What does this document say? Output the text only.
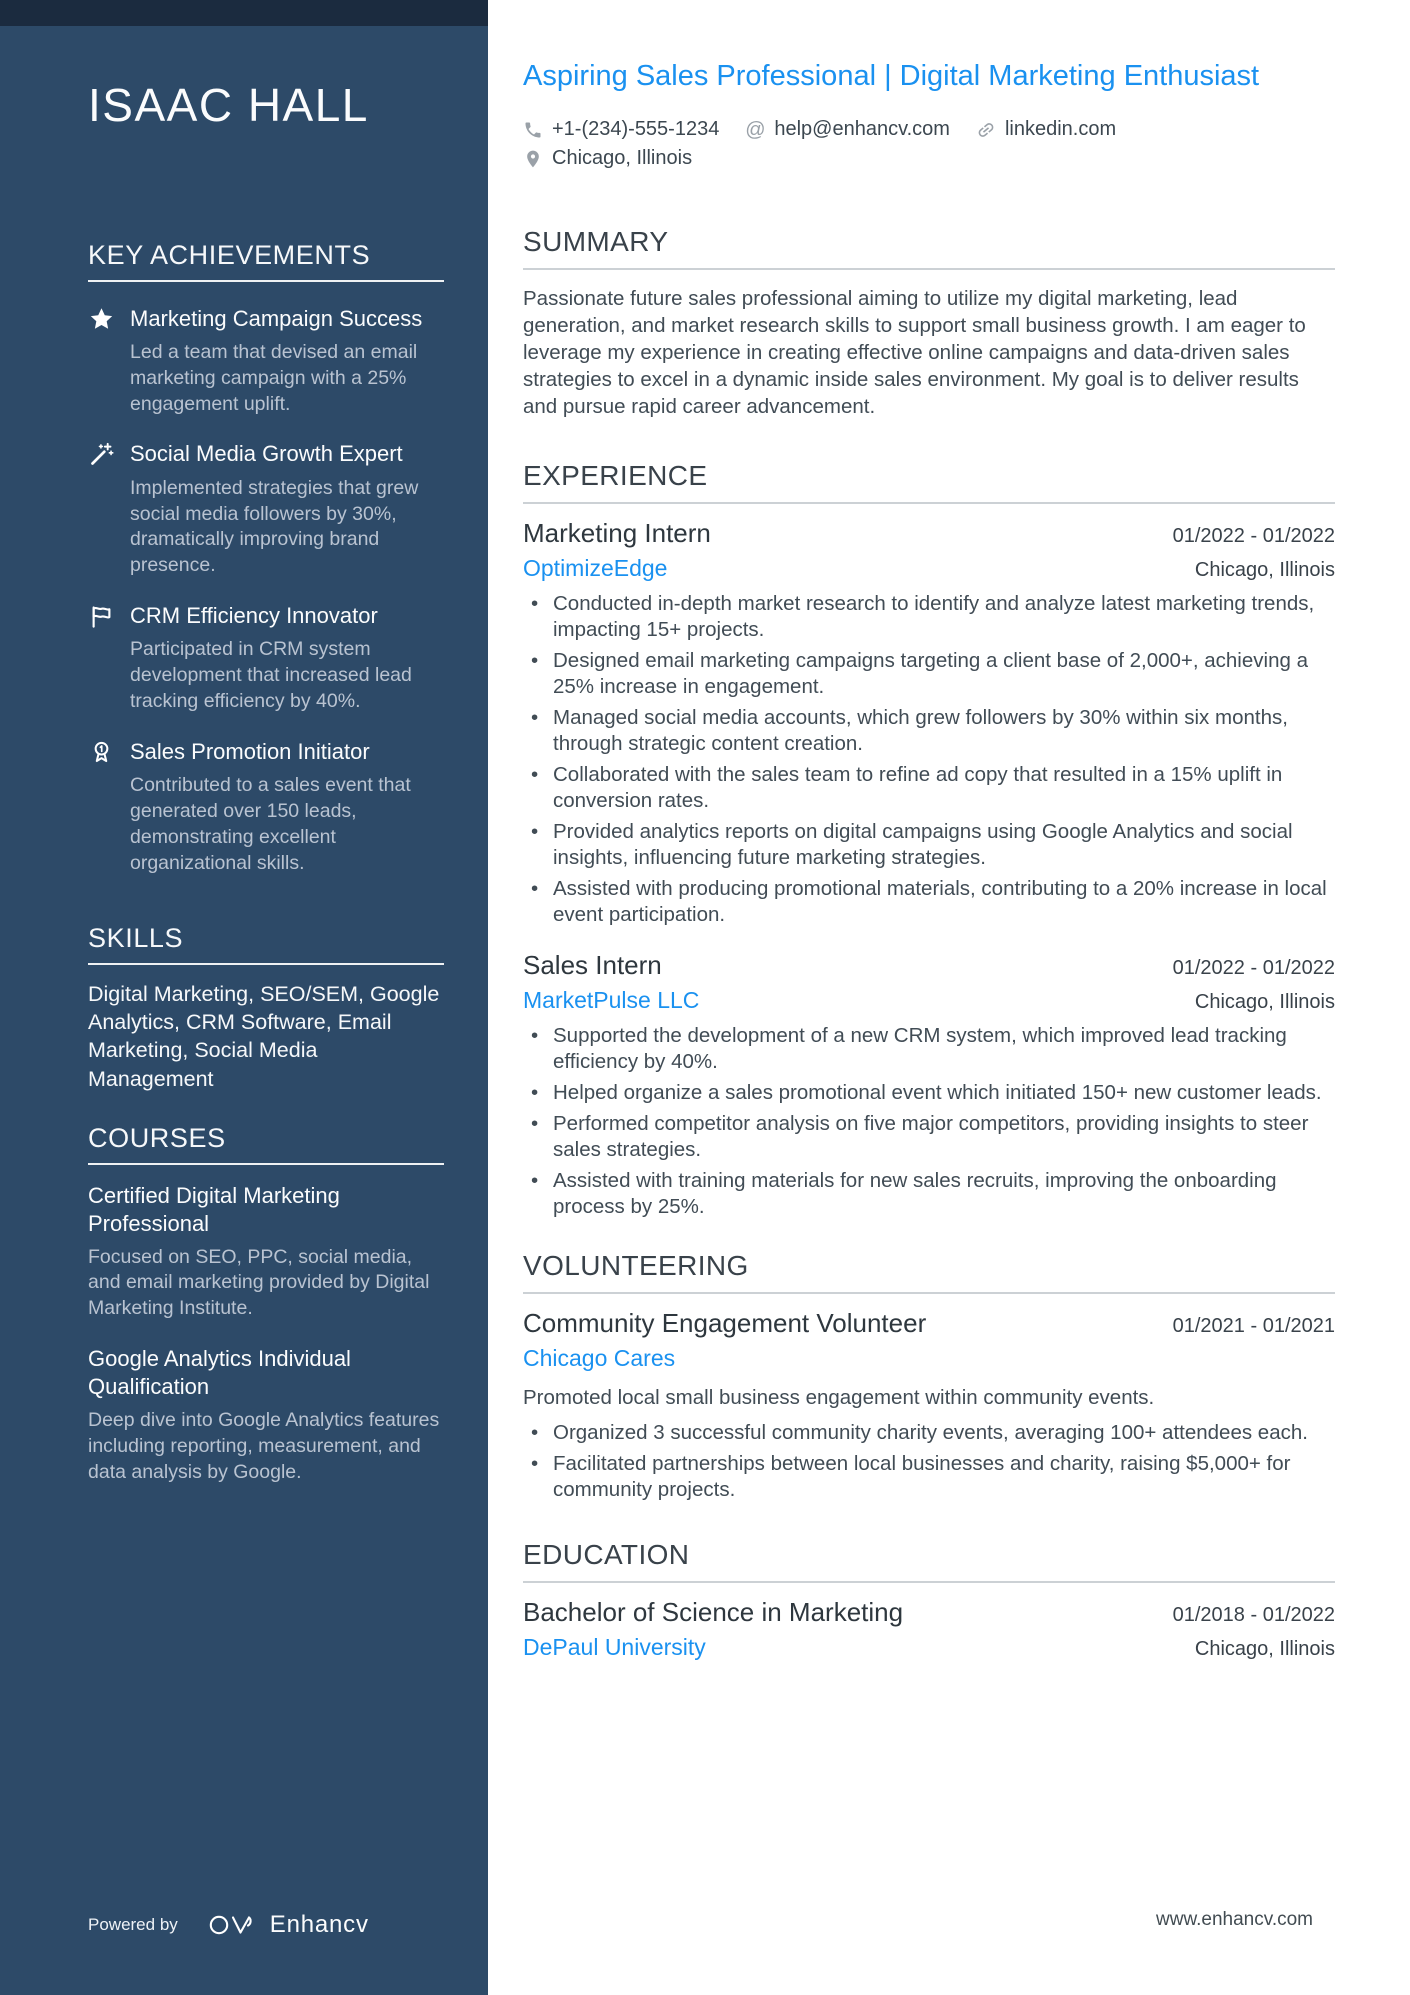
ISAAC HALL
KEY ACHIEVEMENTS
Marketing Campaign Success
Led a team that devised an email marketing campaign with a 25% engagement uplift.
Social Media Growth Expert
Implemented strategies that grew social media followers by 30%, dramatically improving brand presence.
CRM Efficiency Innovator
Participated in CRM system development that increased lead tracking efficiency by 40%.
Sales Promotion Initiator
Contributed to a sales event that generated over 150 leads, demonstrating excellent organizational skills.
SKILLS
Digital Marketing, SEO/SEM, Google Analytics, CRM Software, Email Marketing, Social Media Management
COURSES
Certified Digital Marketing Professional
Focused on SEO, PPC, social media, and email marketing provided by Digital Marketing Institute.
Google Analytics Individual Qualification
Deep dive into Google Analytics features including reporting, measurement, and data analysis by Google.
Powered by	Enhancv
Aspiring Sales Professional | Digital Marketing Enthusiast
+1-(234)-555-1234 @ help@enhancv.com	linkedin.com
Chicago, Illinois
SUMMARY

Passionate future sales professional aiming to utilize my digital marketing, lead generation, and market research skills to support small business growth. I am eager to leverage my experience in creating effective online campaigns and data-driven sales strategies to excel in a dynamic inside sales environment. My goal is to deliver results and pursue rapid career advancement.

EXPERIENCE
Marketing Intern	01/2022 - 01/2022
OptimizeEdge	Chicago, Illinois
• Conducted in-depth market research to identify and analyze latest marketing trends, impacting 15+ projects.
• Designed email marketing campaigns targeting a client base of 2,000+, achieving a 25% increase in engagement.
• Managed social media accounts, which grew followers by 30% within six months, through strategic content creation.
• Collaborated with the sales team to refine ad copy that resulted in a 15% uplift in conversion rates.
• Provided analytics reports on digital campaigns using Google Analytics and social insights, influencing future marketing strategies.
• Assisted with producing promotional materials, contributing to a 20% increase in local event participation.
Sales Intern	01/2022 - 01/2022
MarketPulse LLC	Chicago, Illinois
• Supported the development of a new CRM system, which improved lead tracking efficiency by 40%.
• Helped organize a sales promotional event which initiated 150+ new customer leads.
• Performed competitor analysis on five major competitors, providing insights to steer sales strategies.
• Assisted with training materials for new sales recruits, improving the onboarding process by 25%.
VOLUNTEERING
Community Engagement Volunteer	01/2021 - 01/2021
Chicago Cares

Promoted local small business engagement within community events.

• Organized 3 successful community charity events, averaging 100+ attendees each.
• Facilitated partnerships between local businesses and charity, raising $5,000+ for community projects.
EDUCATION
Bachelor of Science in Marketing	01/2018 - 01/2022
DePaul University	Chicago, Illinois
www.enhancv.com
